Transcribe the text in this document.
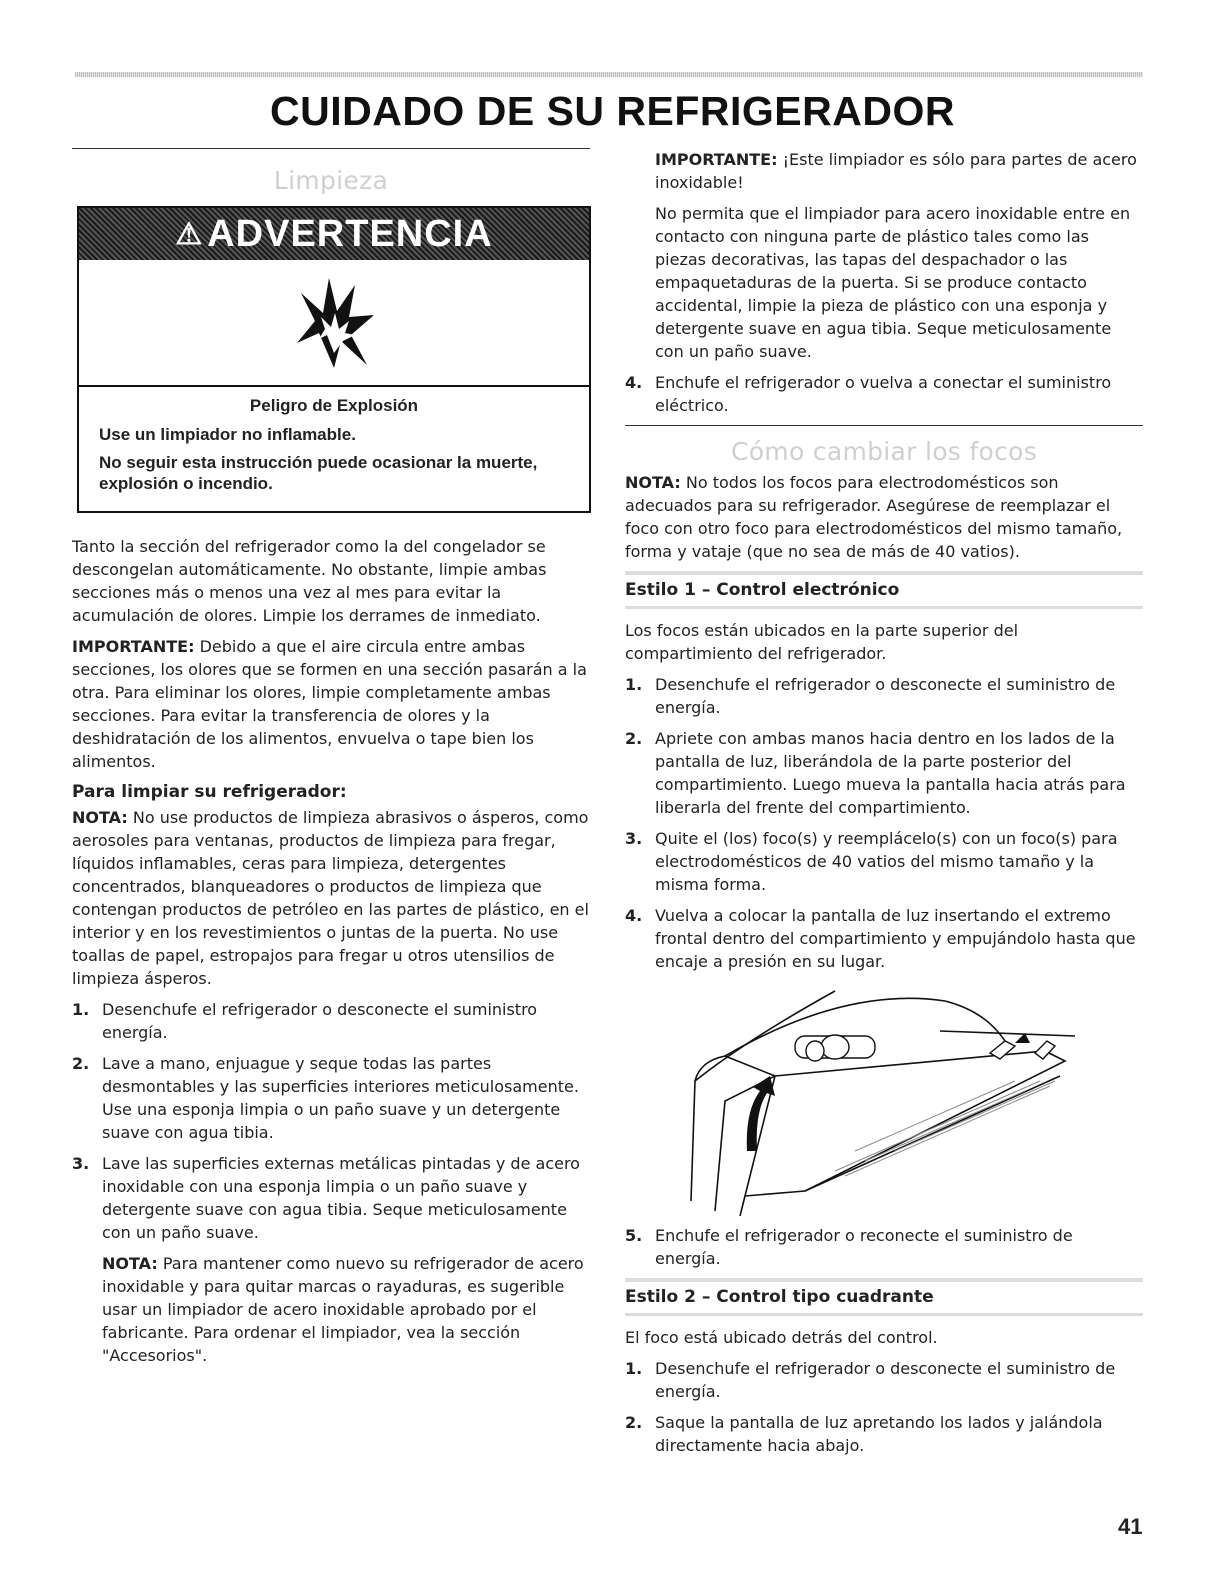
CUIDADO DE SU REFRIGERADOR
Limpieza
⚠ ADVERTENCIA
Peligro de Explosión

Use un limpiador no inflamable.

No seguir esta instrucción puede ocasionar la muerte, explosión o incendio.

Tanto la sección del refrigerador como la del congelador se descongelan automáticamente. No obstante, limpie ambas secciones más o menos una vez al mes para evitar la acumulación de olores. Limpie los derrames de inmediato.

IMPORTANTE: Debido a que el aire circula entre ambas secciones, los olores que se formen en una sección pasarán a la otra. Para eliminar los olores, limpie completamente ambas secciones. Para evitar la transferencia de olores y la deshidratación de los alimentos, envuelva o tape bien los alimentos.

Para limpiar su refrigerador:

NOTA: No use productos de limpieza abrasivos o ásperos, como aerosoles para ventanas, productos de limpieza para fregar, líquidos inflamables, ceras para limpieza, detergentes concentrados, blanqueadores o productos de limpieza que contengan productos de petróleo en las partes de plástico, en el interior y en los revestimientos o juntas de la puerta. No use toallas de papel, estropajos para fregar u otros utensilios de limpieza ásperos.

1. Desenchufe el refrigerador o desconecte el suministro energía.
2. Lave a mano, enjuague y seque todas las partes desmontables y las superficies interiores meticulosamente. Use una esponja limpia o un paño suave y un detergente suave con agua tibia.
3. Lave las superficies externas metálicas pintadas y de acero inoxidable con una esponja limpia o un paño suave y detergente suave con agua tibia. Seque meticulosamente con un paño suave.

NOTA: Para mantener como nuevo su refrigerador de acero inoxidable y para quitar marcas o rayaduras, es sugerible usar un limpiador de acero inoxidable aprobado por el fabricante. Para ordenar el limpiador, vea la sección "Accesorios".

IMPORTANTE: ¡Este limpiador es sólo para partes de acero inoxidable!

No permita que el limpiador para acero inoxidable entre en contacto con ninguna parte de plástico tales como las piezas decorativas, las tapas del despachador o las empaquetaduras de la puerta. Si se produce contacto accidental, limpie la pieza de plástico con una esponja y detergente suave en agua tibia. Seque meticulosamente con un paño suave.

4. Enchufe el refrigerador o vuelva a conectar el suministro eléctrico.
Cómo cambiar los focos

NOTA: No todos los focos para electrodomésticos son adecuados para su refrigerador. Asegúrese de reemplazar el foco con otro foco para electrodomésticos del mismo tamaño, forma y vataje (que no sea de más de 40 vatios).

Estilo 1 – Control electrónico

Los focos están ubicados en la parte superior del compartimiento del refrigerador.

1. Desenchufe el refrigerador o desconecte el suministro de energía.
2. Apriete con ambas manos hacia dentro en los lados de la pantalla de luz, liberándola de la parte posterior del compartimiento. Luego mueva la pantalla hacia atrás para liberarla del frente del compartimiento.
3. Quite el (los) foco(s) y reemplácelo(s) con un foco(s) para electrodomésticos de 40 vatios del mismo tamaño y la misma forma.
4. Vuelva a colocar la pantalla de luz insertando el extremo frontal dentro del compartimiento y empujándolo hasta que encaje a presión en su lugar.
5. Enchufe el refrigerador o reconecte el suministro de energía.
Estilo 2 – Control tipo cuadrante

El foco está ubicado detrás del control.

1. Desenchufe el refrigerador o desconecte el suministro de energía.
2. Saque la pantalla de luz apretando los lados y jalándola directamente hacia abajo.
41
